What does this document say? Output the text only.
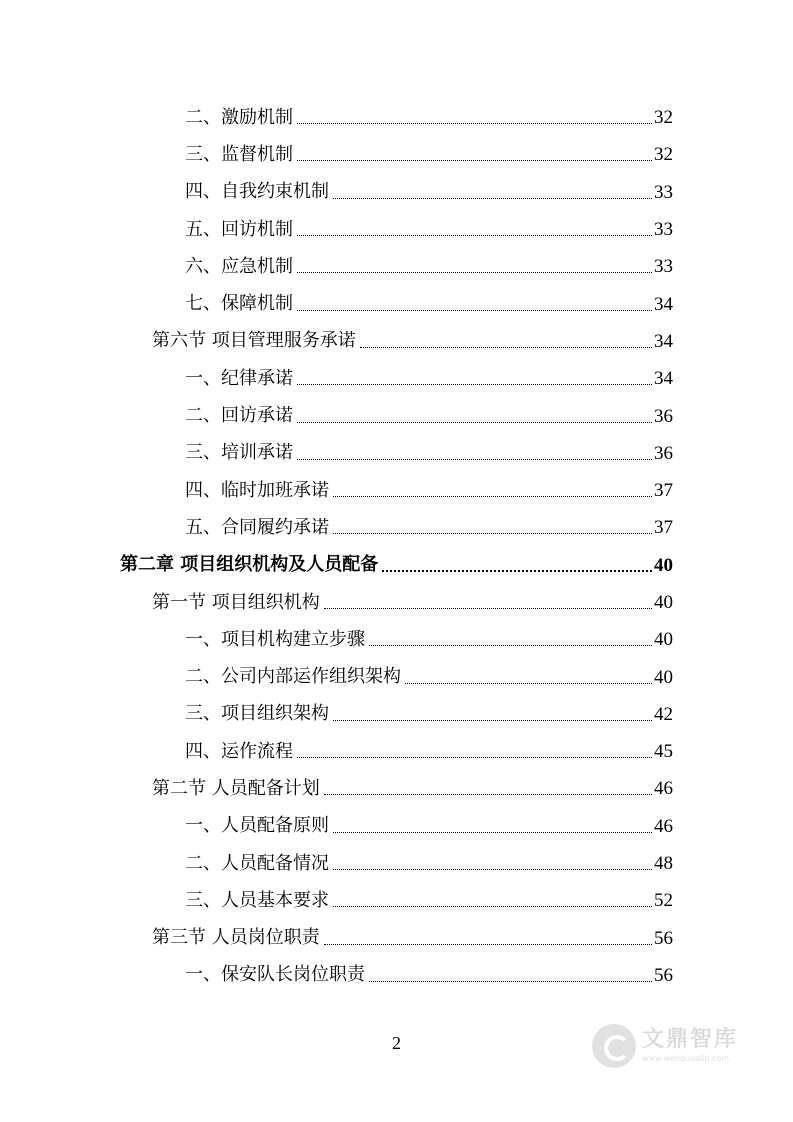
二、激励机制	32
三、监督机制	32
四、自我约束机制	33
五、回访机制	33
六、应急机制	33
七、保障机制	34
第六节 项目管理服务承诺	34
一、纪律承诺	34
二、回访承诺	36
三、培训承诺	36
四、临时加班承诺	37
五、合同履约承诺	37
第二章 项目组织机构及人员配备	40
第一节 项目组织机构	40
一、项目机构建立步骤	40
二、公司内部运作组织架构	40
三、项目组织架构	42
四、运作流程	45
第二节 人员配备计划	46
一、人员配备原则	46
二、人员配备情况	48
三、人员基本要求	52
第三节 人员岗位职责	56
一、保安队长岗位职责	56
2	文鼎智库
www.wenduoalib.com
